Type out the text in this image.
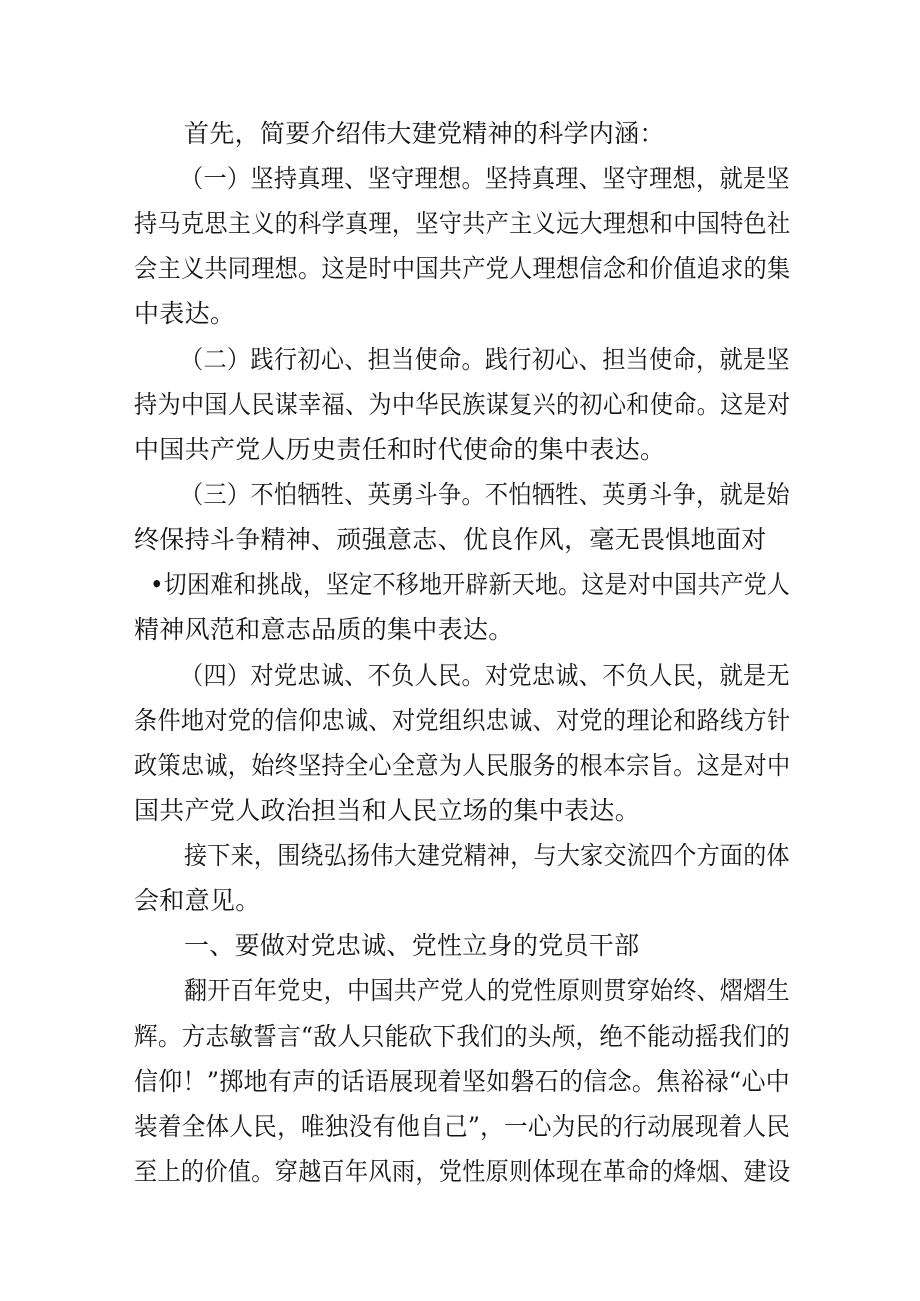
首先，简要介绍伟大建党精神的科学内涵：

（一）坚持真理、坚守理想。坚持真理、坚守理想，就是坚

持马克思主义的科学真理，坚守共产主义远大理想和中国特色社

会主义共同理想。这是时中国共产党人理想信念和价值追求的集

中表达。

（二）践行初心、担当使命。践行初心、担当使命，就是坚

持为中国人民谋幸福、为中华民族谋复兴的初心和使命。这是对

中国共产党人历史责任和时代使命的集中表达。

（三）不怕牺牲、英勇斗争。不怕牺牲、英勇斗争，就是始

终保持斗争精神、顽强意志、优良作风，毫无畏惧地面对

•切困难和挑战，坚定不移地开辟新天地。这是对中国共产党人

精神风范和意志品质的集中表达。

（四）对党忠诚、不负人民。对党忠诚、不负人民，就是无

条件地对党的信仰忠诚、对党组织忠诚、对党的理论和路线方针

政策忠诚，始终坚持全心全意为人民服务的根本宗旨。这是对中

国共产党人政治担当和人民立场的集中表达。

接下来，围绕弘扬伟大建党精神，与大家交流四个方面的体

会和意见。

一、要做对党忠诚、党性立身的党员干部

翻开百年党史，中国共产党人的党性原则贯穿始终、熠熠生

辉。方志敏誓言“敌人只能砍下我们的头颅，绝不能动摇我们的

信仰！”掷地有声的话语展现着坚如磐石的信念。焦裕禄“心中

装着全体人民，唯独没有他自己”，一心为民的行动展现着人民

至上的价值。穿越百年风雨，党性原则体现在革命的烽烟、建设
